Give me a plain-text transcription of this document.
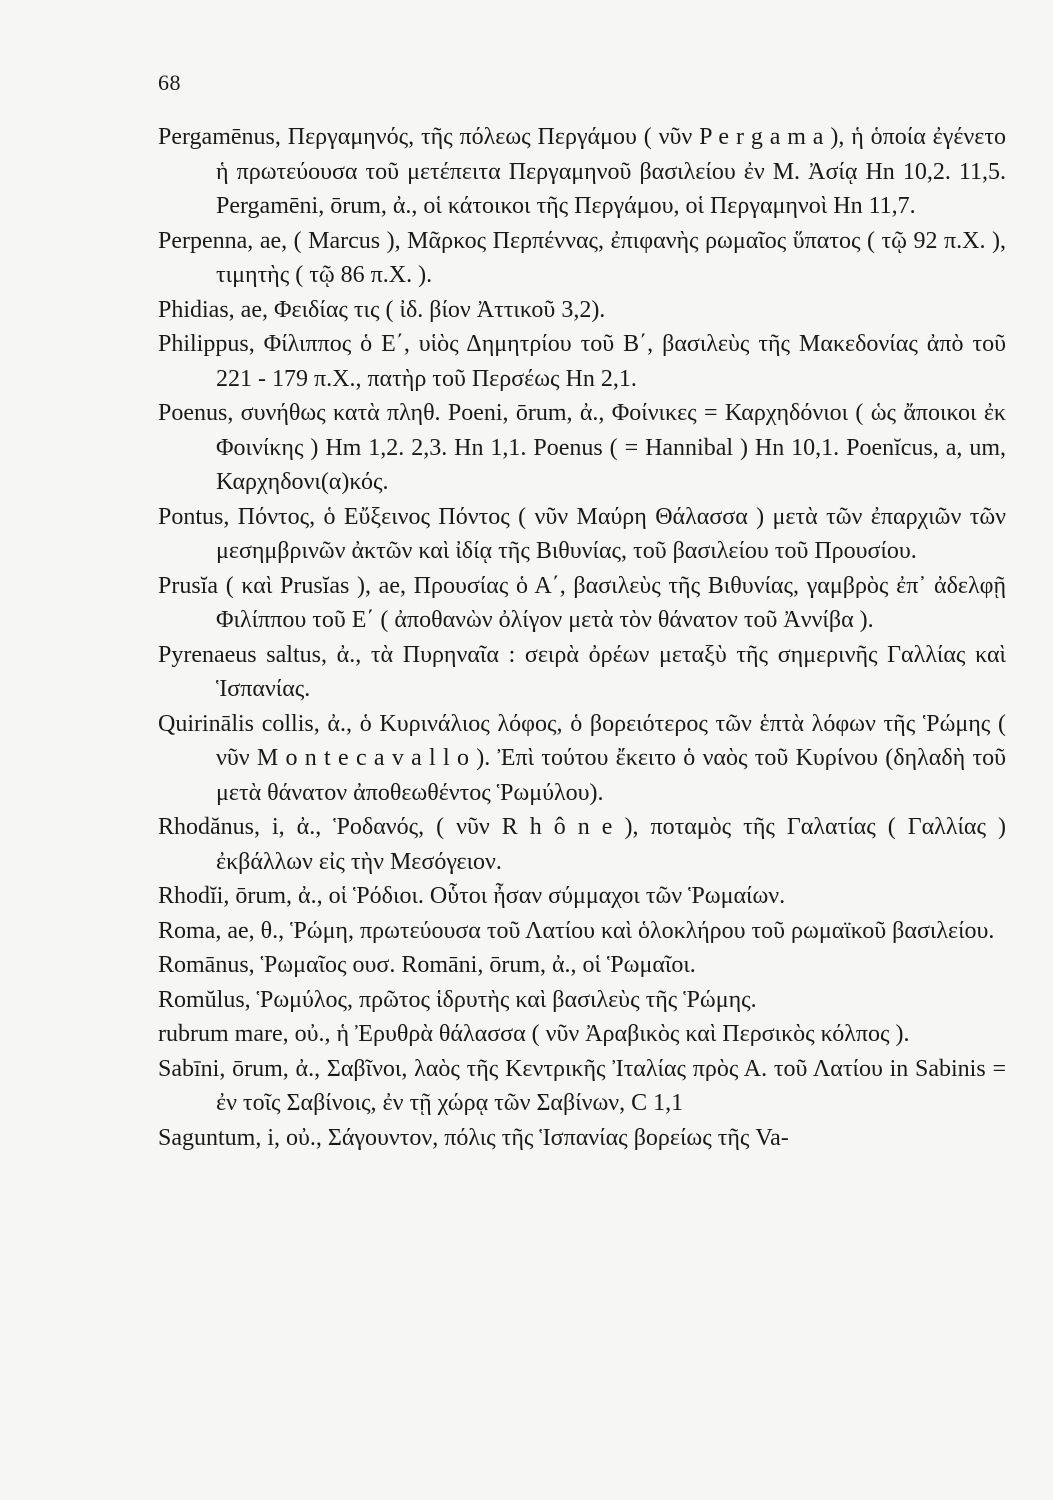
68
Pergamēnus, Περγαμηνός, τῆς πόλεως Περγάμου ( νῦν P e r g a m a ), ἡ ὁποία ἐγένετο ἡ πρωτεύουσα τοῦ μετέπειτα Περγαμηνοῦ βασιλείου ἐν Μ. Ἀσίᾳ Hn 10,2. 11,5. Pergamēni, ōrum, ἀ., οἱ κάτοικοι τῆς Περγάμου, οἱ Περγαμηνοὶ Hn 11,7.
Perpenna, ae, ( Marcus ), Μᾶρκος Περπέννας, ἐπιφανὴς ρωμαῖος ὕπατος ( τῷ 92 π.Χ. ), τιμητὴς ( τῷ 86 π.Χ. ).
Phidias, ae, Φειδίας τις ( ἰδ. βίον Ἀττικοῦ 3,2).
Philippus, Φίλιππος ὁ Ε΄, υἱὸς Δημητρίου τοῦ Β΄, βασιλεὺς τῆς Μακεδονίας ἀπὸ τοῦ 221 - 179 π.Χ., πατὴρ τοῦ Περσέως Hn 2,1.
Poenus, συνήθως κατὰ πληθ. Poeni, ōrum, ἀ., Φοίνικες = Καρχηδόνιοι ( ὡς ἄποικοι ἐκ Φοινίκης ) Hm 1,2. 2,3. Hn 1,1. Poenus ( = Hannibal ) Hn 10,1. Poenĭcus, a, um, Καρχηδονι(α)κός.
Pontus, Πόντος, ὁ Εὔξεινος Πόντος ( νῦν Μαύρη Θάλασσα ) μετὰ τῶν ἐπαρχιῶν τῶν μεσημβρινῶν ἀκτῶν καὶ ἰδίᾳ τῆς Βιθυνίας, τοῦ βασιλείου τοῦ Προυσίου.
Prusĭa ( καὶ Prusĭas ), ae, Προυσίας ὁ Α΄, βασιλεὺς τῆς Βιθυνίας, γαμβρὸς ἐπ᾽ ἀδελφῇ Φιλίππου τοῦ Ε΄ ( ἀποθανὼν ὀλίγον μετὰ τὸν θάνατον τοῦ Ἀννίβα ).
Pyrenaeus saltus, ἀ., τὰ Πυρηναῖα : σειρὰ ὀρέων μεταξὺ τῆς σημερινῆς Γαλλίας καὶ Ἱσπανίας.
Quirinālis collis, ἀ., ὁ Κυρινάλιος λόφος, ὁ βορειότερος τῶν ἑπτὰ λόφων τῆς Ῥώμης ( νῦν M o n t e c a v a l l o ). Ἐπὶ τούτου ἔκειτο ὁ ναὸς τοῦ Κυρίνου (δηλαδὴ τοῦ μετὰ θάνατον ἀποθεωθέντος Ῥωμύλου).
Rhodănus, i, ἀ., Ῥοδανός, ( νῦν R h ô n e ), ποταμὸς τῆς Γαλατίας ( Γαλλίας ) ἐκβάλλων εἰς τὴν Μεσόγειον.
Rhodĭi, ōrum, ἀ., οἱ Ῥόδιοι. Οὗτοι ἦσαν σύμμαχοι τῶν Ῥωμαίων.
Roma, ae, θ., Ῥώμη, πρωτεύουσα τοῦ Λατίου καὶ ὁλοκλήρου τοῦ ρωμαϊκοῦ βασιλείου.
Romānus, Ῥωμαῖος ουσ. Romāni, ōrum, ἀ., οἱ Ῥωμαῖοι.
Romŭlus, Ῥωμύλος, πρῶτος ἱδρυτὴς καὶ βασιλεὺς τῆς Ῥώμης.
rubrum mare, οὐ., ἡ Ἐρυθρὰ θάλασσα ( νῦν Ἀραβικὸς καὶ Περσικὸς κόλπος ).
Sabīni, ōrum, ἀ., Σαβῖνοι, λαὸς τῆς Κεντρικῆς Ἰταλίας πρὸς Α. τοῦ Λατίου in Sabinis = ἐν τοῖς Σαβίνοις, ἐν τῇ χώρᾳ τῶν Σαβίνων, C 1,1
Saguntum, i, οὐ., Σάγουντον, πόλις τῆς Ἱσπανίας βορείως τῆς Va-
